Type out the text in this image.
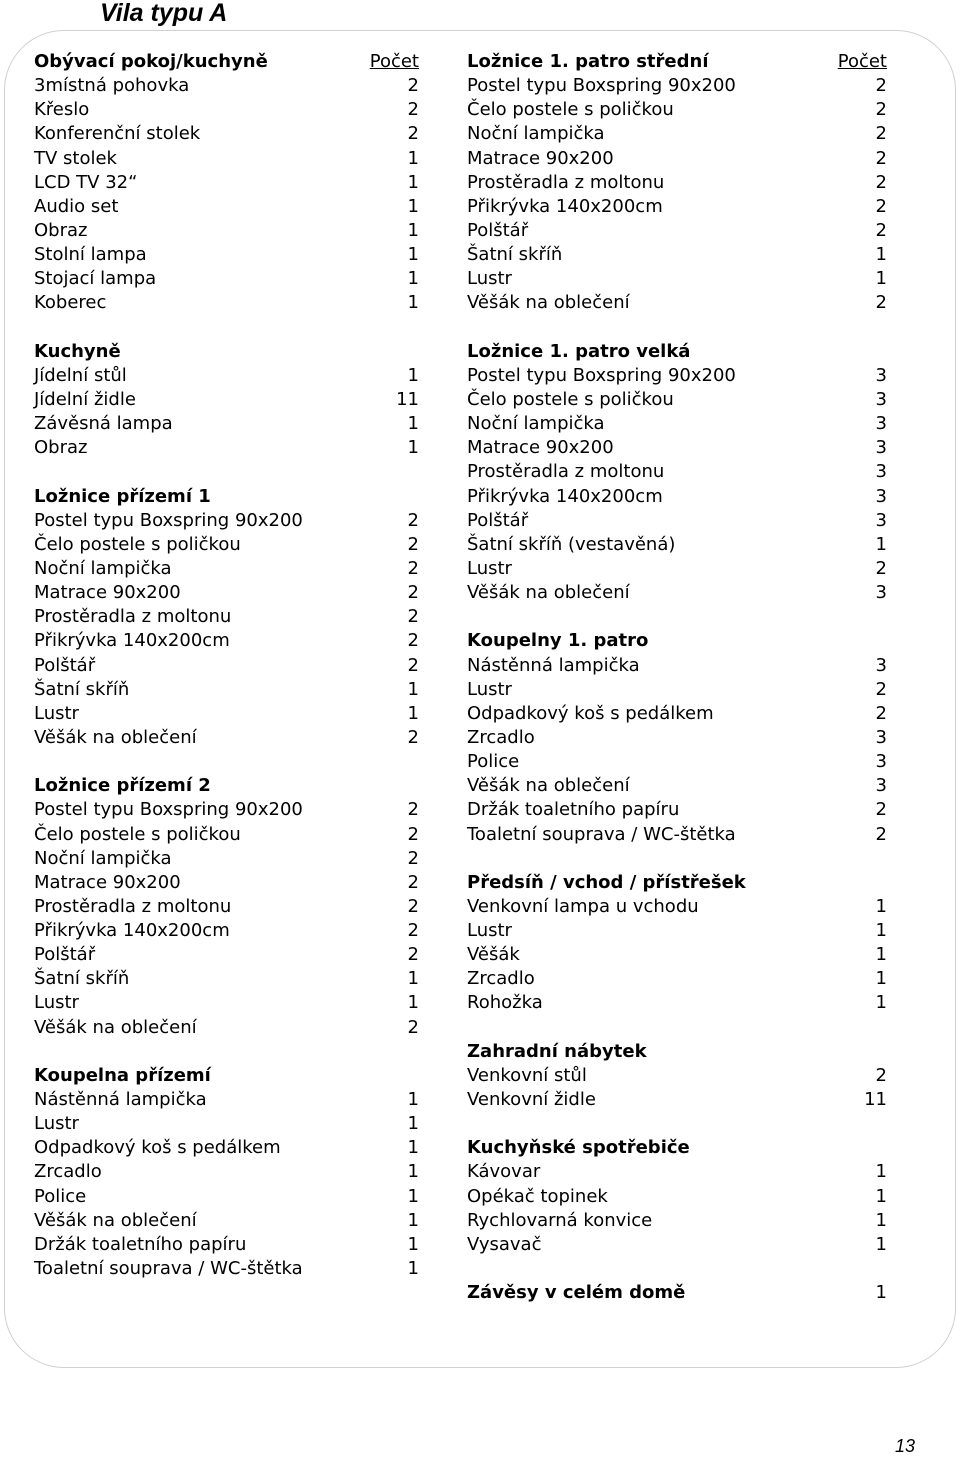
Vila typu A
Obývací pokoj/kuchyně	Počet
3místná pohovka	2
Křeslo	2
Konferenční stolek	2
TV stolek	1
LCD TV 32“	1
Audio set	1
Obraz	1
Stolní lampa	1
Stojací lampa	1
Koberec	1
Kuchyně
Jídelní stůl	1
Jídelní židle	11
Závěsná lampa	1
Obraz	1
Ložnice přízemí 1
Postel typu Boxspring 90x200	2
Čelo postele s poličkou	2
Noční lampička	2
Matrace 90x200	2
Prostěradla z moltonu	2
Přikrývka 140x200cm	2
Polštář	2
Šatní skříň	1
Lustr	1
Věšák na oblečení	2
Ložnice přízemí 2
Postel typu Boxspring 90x200	2
Čelo postele s poličkou	2
Noční lampička	2
Matrace 90x200	2
Prostěradla z moltonu	2
Přikrývka 140x200cm	2
Polštář	2
Šatní skříň	1
Lustr	1
Věšák na oblečení	2
Koupelna přízemí
Nástěnná lampička	1
Lustr	1
Odpadkový koš s pedálkem	1
Zrcadlo	1
Police	1
Věšák na oblečení	1
Držák toaletního papíru	1
Toaletní souprava / WC-štětka	1
Ložnice 1. patro střední	Počet
Postel typu Boxspring 90x200	2
Čelo postele s poličkou	2
Noční lampička	2
Matrace 90x200	2
Prostěradla z moltonu	2
Přikrývka 140x200cm	2
Polštář	2
Šatní skříň	1
Lustr	1
Věšák na oblečení	2
Ložnice 1. patro velká
Postel typu Boxspring 90x200	3
Čelo postele s poličkou	3
Noční lampička	3
Matrace 90x200	3
Prostěradla z moltonu	3
Přikrývka 140x200cm	3
Polštář	3
Šatní skříň (vestavěná)	1
Lustr	2
Věšák na oblečení	3
Koupelny 1. patro
Nástěnná lampička	3
Lustr	2
Odpadkový koš s pedálkem	2
Zrcadlo	3
Police	3
Věšák na oblečení	3
Držák toaletního papíru	2
Toaletní souprava / WC-štětka	2
Předsíň / vchod / přístřešek
Venkovní lampa u vchodu	1
Lustr	1
Věšák	1
Zrcadlo	1
Rohožka	1
Zahradní nábytek
Venkovní stůl	2
Venkovní židle	11
Kuchyňské spotřebiče
Kávovar	1
Opékač topinek	1
Rychlovarná konvice	1
Vysavač	1
Závěsy v celém domě	1
13
